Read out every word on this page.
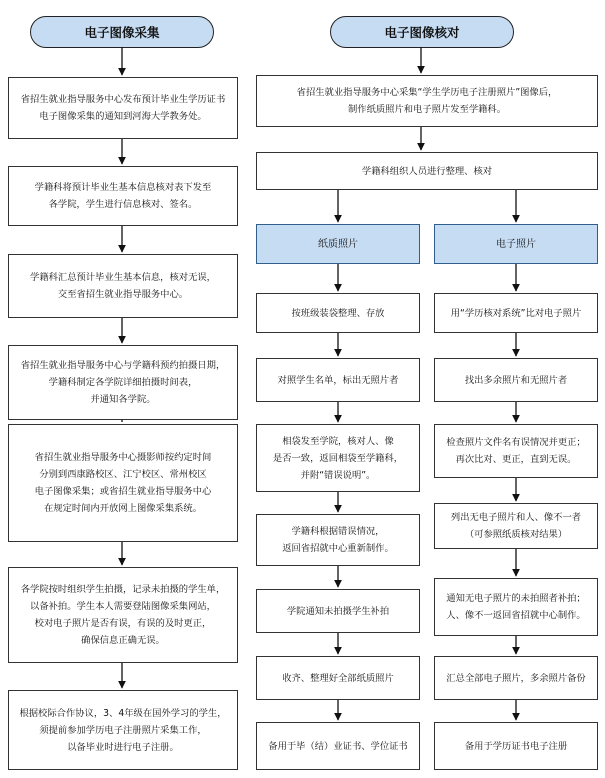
电子图像采集	电子图像核对
省招生就业指导服务中心发布预计毕业生学历证书
电子图像采集的通知到河海大学教务处。
学籍科将预计毕业生基本信息核对表下发至
各学院，学生进行信息核对、签名。
学籍科汇总预计毕业生基本信息，核对无误，
交至省招生就业指导服务中心。
省招生就业指导服务中心与学籍科预约拍摄日期，
学籍科制定各学院详细拍摄时间表，
并通知各学院。
省招生就业指导服务中心摄影师按约定时间
分别到西康路校区、江宁校区、常州校区
电子图像采集；或省招生就业指导服务中心
在规定时间内开放网上图像采集系统。
各学院按时组织学生拍摄，记录未拍摄的学生单，
以备补拍。学生本人需要登陆图像采集网站，
校对电子照片是否有误，有误的及时更正，
确保信息正确无误。
根据校际合作协议，3、4年级在国外学习的学生，
须提前参加学历电子注册照片采集工作，
以备毕业时进行电子注册。
省招生就业指导服务中心采集“学生学历电子注册照片”图像后，
制作纸质照片和电子照片发至学籍科。
学籍科组织人员进行整理、核对
纸质照片	电子照片
按班级装袋整理、存放
对照学生名单，标出无照片者
相袋发至学院，核对人、像
是否一致，返回相袋至学籍科，
并附“错误说明”。
学籍科根据错误情况，
返回省招就中心重新制作。
学院通知未拍摄学生补拍
收齐、整理好全部纸质照片
备用于毕（结）业证书、学位证书
用“学历核对系统”比对电子照片
找出多余照片和无照片者
检查照片文件名有误情况并更正；
再次比对、更正，直到无误。
列出无电子照片和人、像不一者
（可参照纸质核对结果）
通知无电子照片的未拍照者补拍；
人、像不一返回省招就中心制作。
汇总全部电子照片，多余照片备份
备用于学历证书电子注册
